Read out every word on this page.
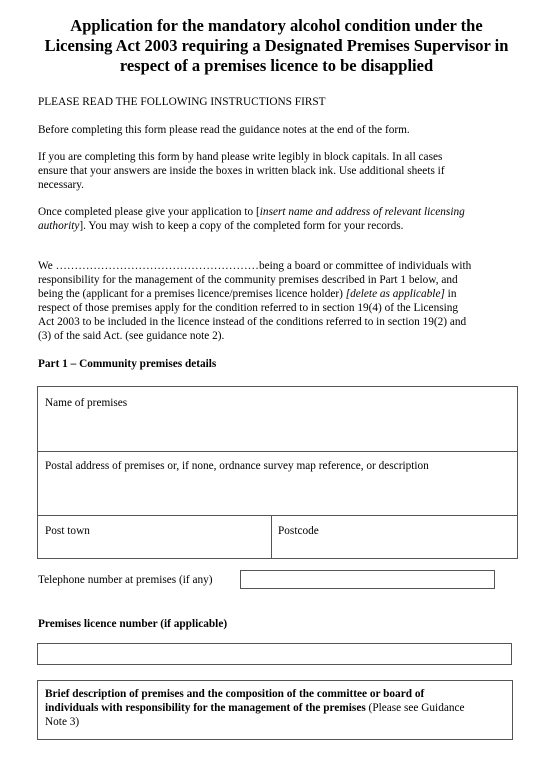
Application for the mandatory alcohol condition under the
Licensing Act 2003 requiring a Designated Premises Supervisor in
respect of a premises licence to be disapplied
PLEASE READ THE FOLLOWING INSTRUCTIONS FIRST
Before completing this form please read the guidance notes at the end of the form.
If you are completing this form by hand please write legibly in block capitals. In all cases
ensure that your answers are inside the boxes in written black ink. Use additional sheets if
necessary.
Once completed please give your application to [insert name and address of relevant licensing
authority]. You may wish to keep a copy of the completed form for your records.
We ………………………………………………being a board or committee of individuals with
responsibility for the management of the community premises described in Part 1 below, and
being the (applicant for a premises licence/premises licence holder) [delete as applicable] in
respect of those premises apply for the condition referred to in section 19(4) of the Licensing
Act 2003 to be included in the licence instead of the conditions referred to in section 19(2) and
(3) of the said Act. (see guidance note 2).
Part 1 – Community premises details
Name of premises
Postal address of premises or, if none, ordnance survey map reference, or description
Post town	Postcode
Telephone number at premises (if any)
Premises licence number (if applicable)
Brief description of premises and the composition of the committee or board of
individuals with responsibility for the management of the premises (Please see Guidance
Note 3)
